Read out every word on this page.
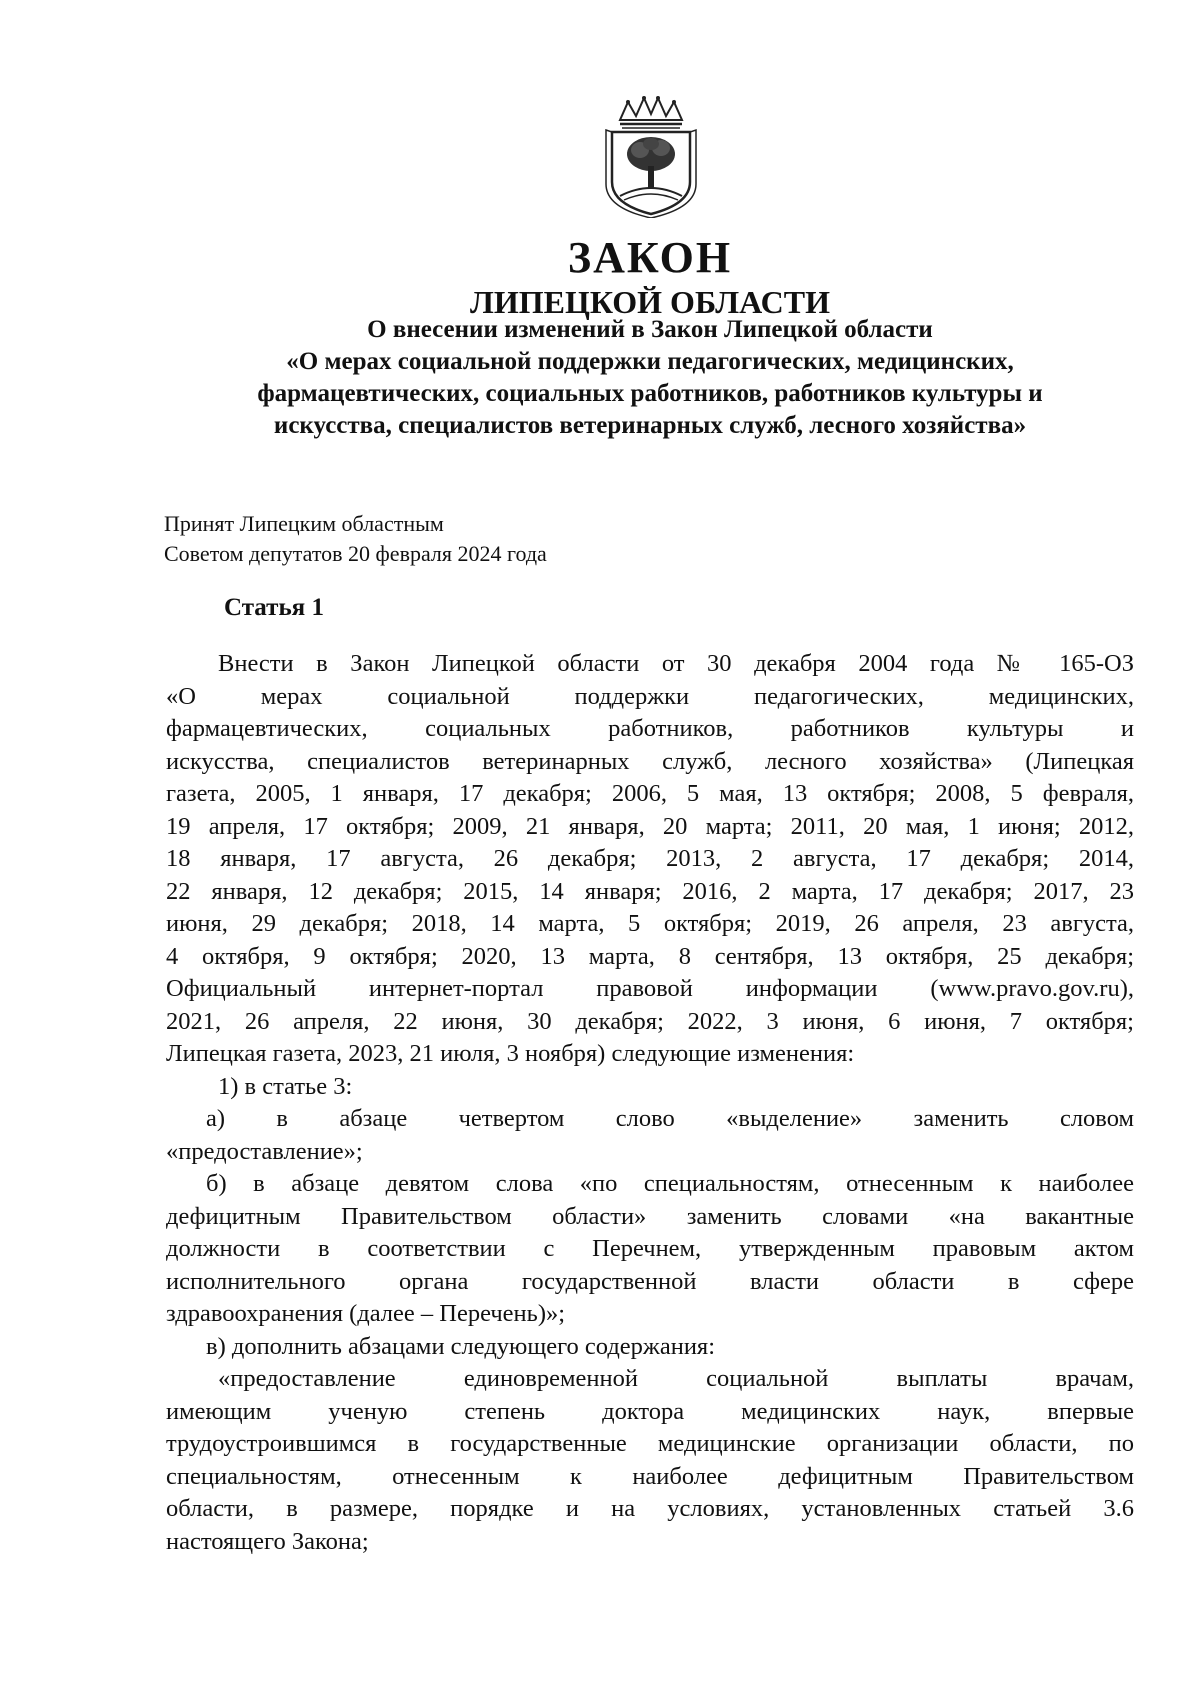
ЗАКОН
ЛИПЕЦКОЙ ОБЛАСТИ
О внесении изменений в Закон Липецкой области
«О мерах социальной поддержки педагогических, медицинских,
фармацевтических, социальных работников, работников культуры и
искусства, специалистов ветеринарных служб, лесного хозяйства»
Принят Липецким областным
Советом депутатов 20 февраля 2024 года
Статья 1
Внести в Закон Липецкой области от 30 декабря 2004 года № 165-ОЗ
«О мерах социальной поддержки педагогических, медицинских,
фармацевтических, социальных работников, работников культуры и
искусства, специалистов ветеринарных служб, лесного хозяйства» (Липецкая
газета, 2005, 1 января, 17 декабря; 2006, 5 мая, 13 октября; 2008, 5 февраля,
19 апреля, 17 октября; 2009, 21 января, 20 марта; 2011, 20 мая, 1 июня; 2012,
18 января, 17 августа, 26 декабря; 2013, 2 августа, 17 декабря; 2014,
22 января, 12 декабря; 2015, 14 января; 2016, 2 марта, 17 декабря; 2017, 23
июня, 29 декабря; 2018, 14 марта, 5 октября; 2019, 26 апреля, 23 августа,
4 октября, 9 октября; 2020, 13 марта, 8 сентября, 13 октября, 25 декабря;
Официальный интернет-портал правовой информации (www.pravo.gov.ru),
2021, 26 апреля, 22 июня, 30 декабря; 2022, 3 июня, 6 июня, 7 октября;
Липецкая газета, 2023, 21 июля, 3 ноября) следующие изменения:
1) в статье 3:
а) в абзаце четвертом слово «выделение» заменить словом
«предоставление»;
б) в абзаце девятом слова «по специальностям, отнесенным к наиболее
дефицитным Правительством области» заменить словами «на вакантные
должности в соответствии с Перечнем, утвержденным правовым актом
исполнительного органа государственной власти области в сфере
здравоохранения (далее – Перечень)»;
в) дополнить абзацами следующего содержания:
«предоставление единовременной социальной выплаты врачам,
имеющим ученую степень доктора медицинских наук, впервые
трудоустроившимся в государственные медицинские организации области, по
специальностям, отнесенным к наиболее дефицитным Правительством
области, в размере, порядке и на условиях, установленных статьей 3.6
настоящего Закона;
